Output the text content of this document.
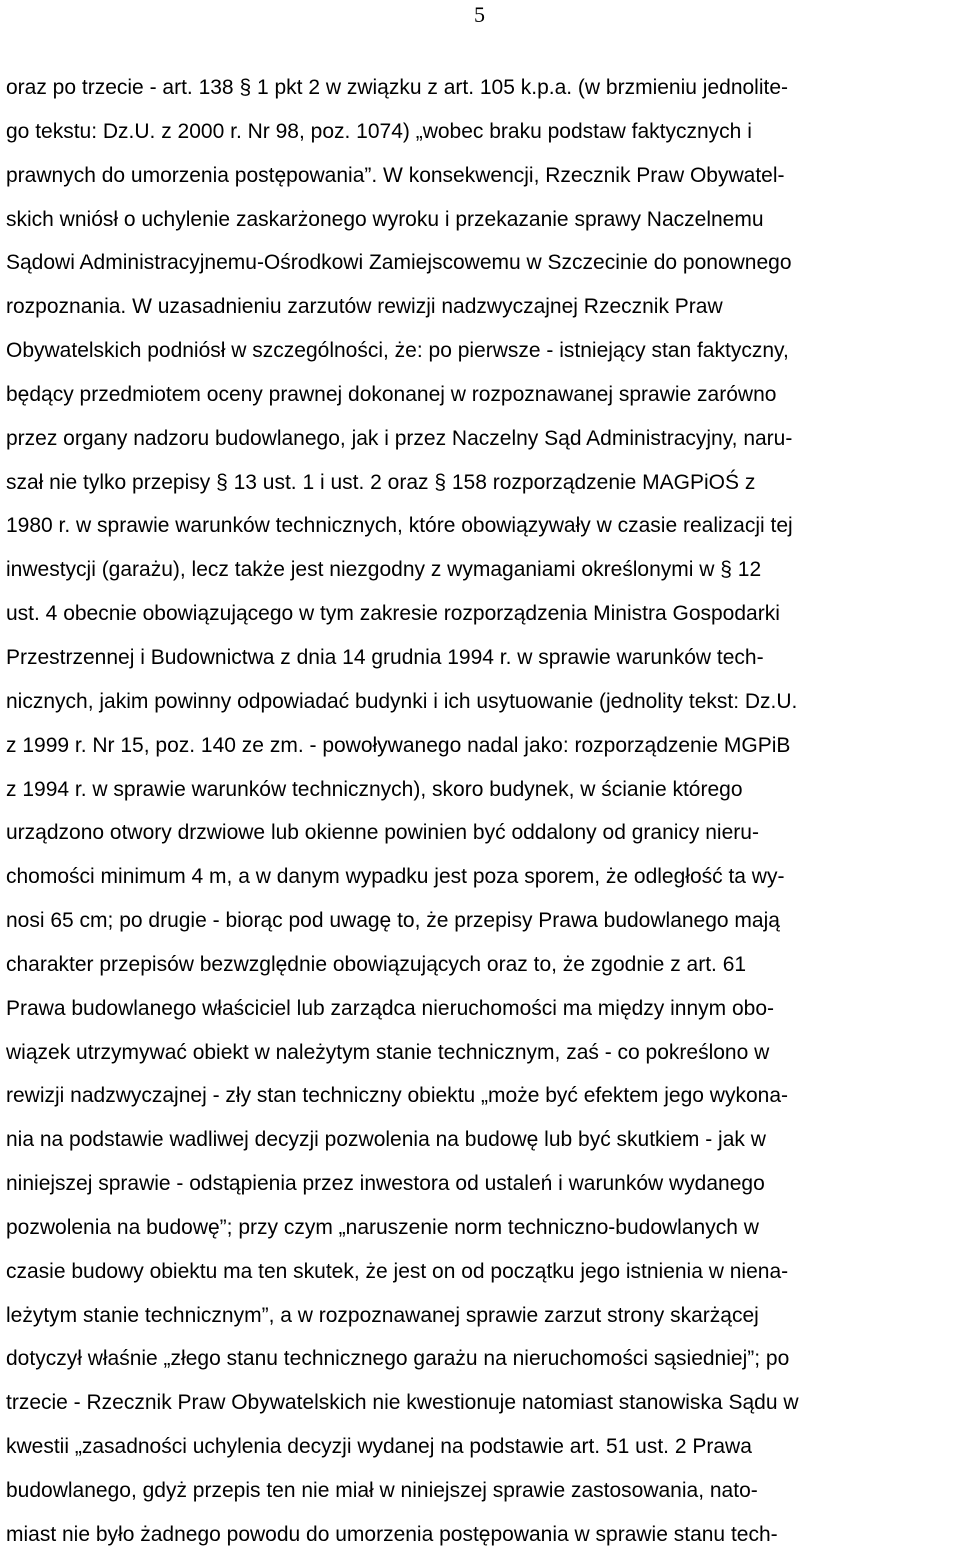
5
oraz po trzecie - art. 138 § 1 pkt 2 w związku z art. 105 k.p.a. (w brzmieniu jednolite-
go tekstu: Dz.U. z 2000 r. Nr 98, poz. 1074) „wobec braku podstaw faktycznych i
prawnych do umorzenia postępowania”. W konsekwencji, Rzecznik Praw Obywatel-
skich wniósł o uchylenie zaskarżonego wyroku i przekazanie sprawy Naczelnemu
Sądowi Administracyjnemu-Ośrodkowi Zamiejscowemu w Szczecinie do ponownego
rozpoznania. W uzasadnieniu zarzutów rewizji nadzwyczajnej Rzecznik Praw
Obywatelskich podniósł w szczególności, że: po pierwsze - istniejący stan faktyczny,
będący przedmiotem oceny prawnej dokonanej w rozpoznawanej sprawie zarówno
przez organy nadzoru budowlanego, jak i przez Naczelny Sąd Administracyjny, naru-
szał nie tylko przepisy § 13 ust. 1 i ust. 2 oraz § 158 rozporządzenie MAGPiOŚ z
1980 r. w sprawie warunków technicznych, które obowiązywały w czasie realizacji tej
inwestycji (garażu), lecz także jest niezgodny z wymaganiami określonymi w § 12
ust. 4 obecnie obowiązującego w tym zakresie rozporządzenia Ministra Gospodarki
Przestrzennej i Budownictwa z dnia 14 grudnia 1994 r. w sprawie warunków tech-
nicznych, jakim powinny odpowiadać budynki i ich usytuowanie (jednolity tekst: Dz.U.
z 1999 r. Nr 15, poz. 140 ze zm. - powoływanego nadal jako: rozporządzenie MGPiB
z 1994 r. w sprawie warunków technicznych), skoro budynek, w ścianie którego
urządzono otwory drzwiowe lub okienne powinien być oddalony od granicy nieru-
chomości minimum 4 m, a w danym wypadku jest poza sporem, że odległość ta wy-
nosi 65 cm; po drugie - biorąc pod uwagę to, że przepisy Prawa budowlanego mają
charakter przepisów bezwzględnie obowiązujących oraz to, że zgodnie z art. 61
Prawa budowlanego właściciel lub zarządca nieruchomości ma między innym obo-
wiązek utrzymywać obiekt w należytym stanie technicznym, zaś - co pokreślono w
rewizji nadzwyczajnej - zły stan techniczny obiektu „może być efektem jego wykona-
nia na podstawie wadliwej decyzji pozwolenia na budowę lub być skutkiem - jak w
niniejszej sprawie - odstąpienia przez inwestora od ustaleń i warunków wydanego
pozwolenia na budowę”; przy czym „naruszenie norm techniczno-budowlanych w
czasie budowy obiektu ma ten skutek, że jest on od początku jego istnienia w niena-
leżytym stanie technicznym”, a w rozpoznawanej sprawie zarzut strony skarżącej
dotyczył właśnie „złego stanu technicznego garażu na nieruchomości sąsiedniej”; po
trzecie - Rzecznik Praw Obywatelskich nie kwestionuje natomiast stanowiska Sądu w
kwestii „zasadności uchylenia decyzji wydanej na podstawie art. 51 ust. 2 Prawa
budowlanego, gdyż przepis ten nie miał w niniejszej sprawie zastosowania, nato-
miast nie było żadnego powodu do umorzenia postępowania w sprawie stanu tech-
